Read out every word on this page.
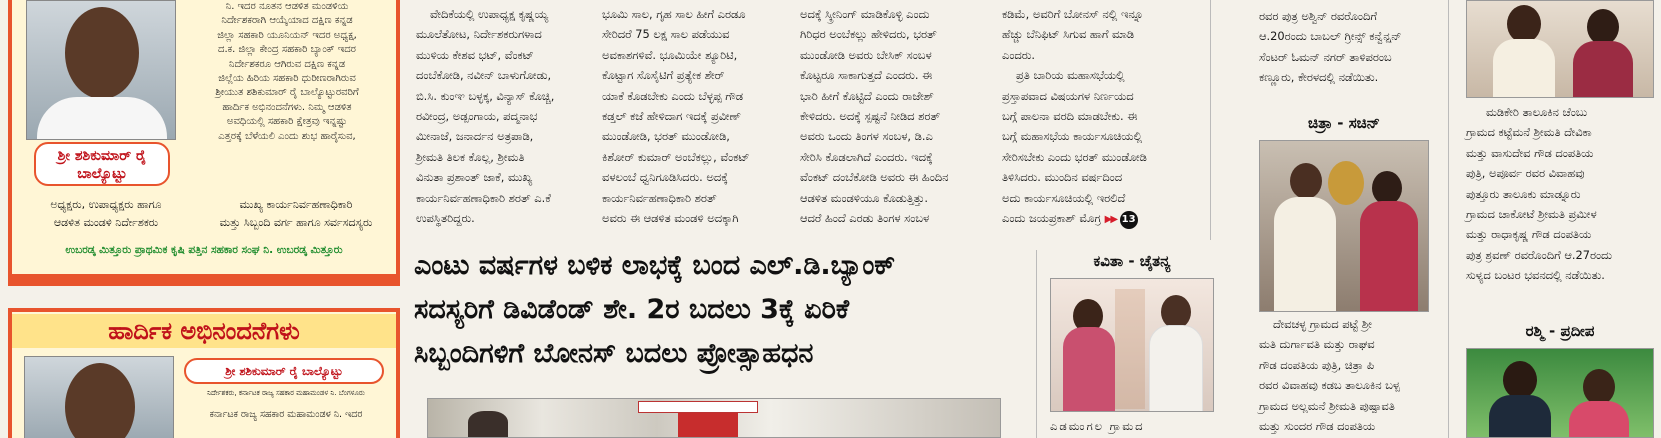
ನಿ. ಇದರ ನೂತನ ಆಡಳಿತ ಮಂಡಳಿಯ
ನಿರ್ದೇಶಕರಾಗಿ ಆಯ್ಕೆಯಾದ ದಕ್ಷಿಣ ಕನ್ನಡ
ಜಿಲ್ಲಾ ಸಹಕಾರಿ ಯೂನಿಯನ್ ಇದರ ಅಧ್ಯಕ್ಷ,
ದ.ಕ. ಜಿಲ್ಲಾ ಕೇಂದ್ರ ಸಹಕಾರಿ ಬ್ಯಾಂಕ್ ಇದರ
ನಿರ್ದೇಶಕರೂ ಆಗಿರುವ ದಕ್ಷಿಣ ಕನ್ನಡ
ಜಿಲ್ಲೆಯ ಹಿರಿಯ ಸಹಕಾರಿ ಧುರೀಣರಾಗಿರುವ
ಶ್ರೀಯುತ ಶಶಿಕುಮಾರ್ ರೈ ಬಾಲ್ಯೊಟ್ಟುರವರಿಗೆ
ಹಾರ್ದಿಕ ಅಭಿನಂದನೆಗಳು. ನಿಮ್ಮ ಆಡಳಿತ
ಅವಧಿಯಲ್ಲಿ ಸಹಕಾರಿ ಕ್ಷೇತ್ರವು ಇನ್ನಷ್ಟು
ಎತ್ತರಕ್ಕೆ ಬೆಳೆಯಲಿ ಎಂದು ಶುಭ ಹಾರೈಸುವ,
ಶ್ರೀ ಶಶಿಕುಮಾರ್ ರೈ
ಬಾಲ್ಯೊಟ್ಟು
ಅಧ್ಯಕ್ಷರು, ಉಪಾಧ್ಯಕ್ಷರು ಹಾಗೂ
ಆಡಳಿತ ಮಂಡಳಿ ನಿರ್ದೇಶಕರು
ಮುಖ್ಯ ಕಾರ್ಯನಿರ್ವಹಣಾಧಿಕಾರಿ
ಮತ್ತು ಸಿಬ್ಬಂದಿ ವರ್ಗ ಹಾಗೂ ಸರ್ವಸದಸ್ಯರು
ಉಬರಡ್ಕ ಮಿತ್ತೂರು ಪ್ರಾಥಮಿಕ ಕೃಷಿ ಪತ್ತಿನ ಸಹಕಾರ ಸಂಘ ನಿ. ಉಬರಡ್ಕ ಮಿತ್ತೂರು
ಹಾರ್ದಿಕ ಅಭಿನಂದನೆಗಳು
ಶ್ರೀ ಶಶಿಕುಮಾರ್ ರೈ ಬಾಲ್ಯೊಟ್ಟು
ನಿರ್ದೇಶಕರು, ಕರ್ನಾಟಕ ರಾಜ್ಯ ಸಹಕಾರ ಮಹಾಮಂಡಳ ನಿ. ಬೆಂಗಳೂರು
ಕರ್ನಾಟಕ ರಾಜ್ಯ ಸಹಕಾರ ಮಹಾಮಂಡಳ ನಿ. ಇದರ
ವೇದಿಕೆಯಲ್ಲಿ ಉಪಾಧ್ಯಕ್ಷ ಕೃಷ್ಣಯ್ಯ
ಮೂಲೆತೋಟ, ನಿರ್ದೇಶಕರುಗಳಾದ
ಮುಳಿಯ ಕೇಶವ ಭಟ್, ವೆಂಕಟ್
ದಂಬೆಕೋಡಿ, ನವೀನ್ ಬಾಳುಗೋಡು,
ಬಿ.ಸಿ. ಕುಂಞ ಬಳ್ಳಕ್ಕ, ವಿನ್ಯಾಸ್ ಕೊಚ್ಚಿ,
ರವೀಂದ್ರ, ಅಡ್ಪಂಗಾಯ, ಪದ್ಮನಾಭ
ಮೀನಾಜೆ, ಜನಾರ್ದನ ಅತ್ರಪಾಡಿ,
ಶ್ರೀಮತಿ ತಿಲಕ ಕೊಲ್ಲ, ಶ್ರೀಮತಿ
ವಿನುತಾ ಪ್ರಶಾಂತ್ ಜಾಕೆ, ಮುಖ್ಯ
ಕಾರ್ಯನಿರ್ವಹಣಾಧಿಕಾರಿ ಶರತ್ ಎ.ಕೆ
ಉಪಸ್ಥಿತರಿದ್ದರು.
ಭೂಮಿ ಸಾಲ, ಗೃಹ ಸಾಲ ಹೀಗೆ ಎರಡೂ
ಸೇರಿದರೆ 75 ಲಕ್ಷ ಸಾಲ ಪಡೆಯುವ
ಅವಕಾಶಗಳಿವೆ. ಭೂಮಿಯೇ ಶ್ಯೂರಿಟಿ,
ಕೊಟ್ಟಾಗ ಸೊಸೈಟಿಗೆ ಪ್ರತ್ಯೇಕ ಶೇರ್
ಯಾಕೆ ಕೊಡಬೇಕು ಎಂದು ಬೆಳ್ಳಪ್ಪ ಗೌಡ
ಕಡ್ತಲ್ ಕಜೆ ಹೇಳಿದಾಗ ಇದಕ್ಕೆ ಪ್ರವೀಣ್
ಮುಂಡೋಡಿ, ಭರತ್ ಮುಂಡೋಡಿ,
ಕಿಶೋರ್ ಕುಮಾರ್ ಅಂಬೆಕಲ್ಲು, ವೆಂಕಟ್
ವಳಲಂಬೆ ಧ್ವನಿಗೂಡಿಸಿದರು. ಅದಕ್ಕೆ
ಕಾರ್ಯನಿರ್ವಹಣಾಧಿಕಾರಿ ಶರತ್
ಅವರು ಈ ಆಡಳಿತ ಮಂಡಳಿ ಅದಕ್ಕಾಗಿ
ಅದಕ್ಕೆ ಸ್ಕ್ರೀನಿಂಗ್ ಮಾಡಿಕೊಳ್ಳಿ ಎಂದು
ಗಿರಿಧರ ಅಂಬೆಕಲ್ಲು ಹೇಳಿದರು, ಭರತ್
ಮುಂಡೋಡಿ ಅವರು ಬೇಸಿಕ್ ಸಂಬಳ
ಕೊಟ್ಟರೂ ಸಾಕಾಗುತ್ತದೆ ಎಂದರು. ಈ
ಭಾರಿ ಹೀಗೆ ಕೊಟ್ಟಿದೆ ಎಂದು ರಾಜೇಶ್
ಕೇಳಿದರು. ಅದಕ್ಕೆ ಸ್ಪಷ್ಟನೆ ನೀಡಿದ ಶರತ್
ಅವರು ಒಂದು ತಿಂಗಳ ಸಂಬಳ, ಡಿ.ಎ
ಸೇರಿಸಿ ಕೊಡಲಾಗಿದೆ ಎಂದರು. ಇದಕ್ಕೆ
ವೆಂಕಟ್ ದಂಬೆಕೋಡಿ ಅವರು ಈ ಹಿಂದಿನ
ಆಡಳಿತ ಮಂಡಳಿಯೂ ಕೊಡುತ್ತಿತ್ತು.
ಆದರೆ ಹಿಂದೆ ಎರಡು ತಿಂಗಳ ಸಂಬಳ
ಕಡಿಮೆ, ಅವರಿಗೆ ಬೋನಸ್ ನಲ್ಲಿ ಇನ್ನೂ
ಹೆಚ್ಚು ಬೆನಿಫಿಟ್ ಸಿಗುವ ಹಾಗೆ ಮಾಡಿ
ಎಂದರು.
ಪ್ರತಿ ಬಾರಿಯ ಮಹಾಸಭೆಯಲ್ಲಿ
ಪ್ರಸ್ತಾಪವಾದ ವಿಷಯಗಳ ನಿರ್ಣಯದ
ಬಗ್ಗೆ ಪಾಲನಾ ವರದಿ ಮಾಡಬೇಕು. ಈ
ಬಗ್ಗೆ ಮಹಾಸಭೆಯ ಕಾರ್ಯಸೂಚಿಯಲ್ಲಿ
ಸೇರಿಸಬೇಕು ಎಂದು ಭರತ್ ಮುಂಡೋಡಿ
ತಿಳಿಸಿದರು. ಮುಂದಿನ ವರ್ಷದಿಂದ
ಅದು ಕಾರ್ಯಸೂಚಿಯಲ್ಲಿ ಇರಲಿದೆ
ಎಂದು ಜಯಪ್ರಕಾಶ್ ಮೊಗ್ರ ▶▶ 13
ಎಂಟು ವರ್ಷಗಳ ಬಳಿಕ ಲಾಭಕ್ಕೆ ಬಂದ ಎಲ್.ಡಿ.ಬ್ಯಾಂಕ್
ಸದಸ್ಯರಿಗೆ ಡಿವಿಡೆಂಡ್ ಶೇ. 2ರ ಬದಲು 3ಕ್ಕೆ ಏರಿಕೆ
ಸಿಬ್ಬಂದಿಗಳಿಗೆ ಬೋನಸ್ ಬದಲು ಪ್ರೋತ್ಸಾಹಧನ
ಕವಿತಾ - ಚೈತನ್ಯ
ಎಡಮಂಗಲ ಗ್ರಾಮದ
ರವರ ಪುತ್ರ ಅಶ್ವಿನ್ ರವರೊಂದಿಗೆ
ಆ.20ರಂದು ಬಾಬಲ್ ಗ್ರೀನ್ಸ್ ಕನ್ವೆನ್ಷನ್
ಸೆಂಟರ್ ಓಮನ್ ನಗರ್ ತಾಳಿಪರಂಬ
ಕಣ್ಣೂರು, ಕೇರಳದಲ್ಲಿ ನಡೆಯಿತು.
ಚಿತ್ರಾ - ಸಚಿನ್
ದೇವಚಳ್ಳ ಗ್ರಾಮದ ಪಟ್ಟೆ ಶ್ರೀ
ಮತಿ ದುರ್ಗಾವತಿ ಮತ್ತು ರಾಘವ
ಗೌಡ ದಂಪತಿಯ ಪುತ್ರಿ, ಚಿತ್ರಾ ಪಿ
ರವರ ವಿವಾಹವು ಕಡಬ ತಾಲೂಕಿನ ಬಳ್ಪ
ಗ್ರಾಮದ ಅಲ್ಲಮನೆ ಶ್ರೀಮತಿ ಪುಷ್ಪಾವತಿ
ಮತ್ತು ಸುಂದರ ಗೌಡ ದಂಪತಿಯ
ಮಡಿಕೇರಿ ತಾಲೂಕಿನ ಚೆಂಬು
ಗ್ರಾಮದ ಕಟ್ಟೆಮನೆ ಶ್ರೀಮತಿ ದೇವಿಕಾ
ಮತ್ತು ವಾಸುದೇವ ಗೌಡ ದಂಪತಿಯ
ಪುತ್ರಿ, ಅಪೂರ್ವ ರವರ ವಿವಾಹವು
ಪುತ್ತೂರು ತಾಲೂಕು ಮಾಡ್ನೂರು
ಗ್ರಾಮದ ಚಾಕೋಟೆ ಶ್ರೀಮತಿ ಪ್ರಮೀಳ
ಮತ್ತು ರಾಧಾಕೃಷ್ಣ ಗೌಡ ದಂಪತಿಯ
ಪುತ್ರ ಶ್ರವಣ್ ರವರೊಂದಿಗೆ ಆ.27ರಂದು
ಸುಳ್ಯದ ಬಂಟರ ಭವನದಲ್ಲಿ ನಡೆಯಿತು.
ರಶ್ಮಿ - ಪ್ರದೀಪ
